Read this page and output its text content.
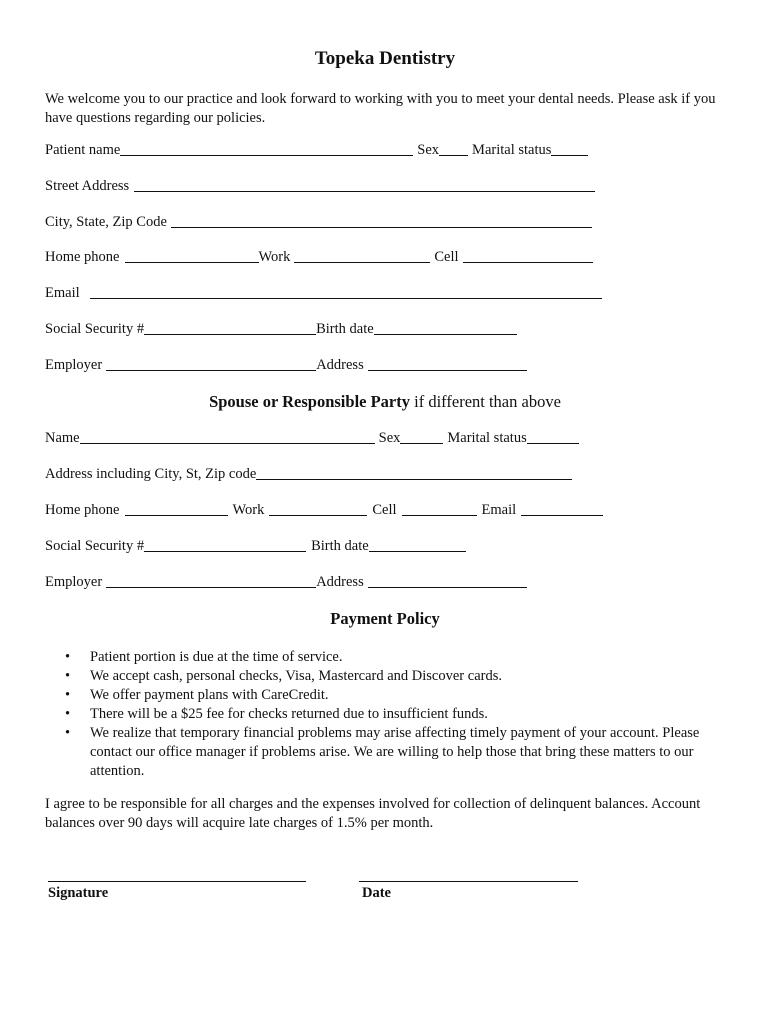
Topeka Dentistry
We welcome you to our practice and look forward to working with you to meet your dental needs. Please ask if you have questions regarding our policies.
Patient name	Sex Marital status
Street Address
City, State, Zip Code
Home phone	Work	Cell
Email
Social Security #	Birth date
Employer	Address
Spouse or Responsible Party if different than above
Name	Sex	Marital status
Address including City, St, Zip code
Home phone	Work	Cell	Email
Social Security #	Birth date
Employer	Address
Payment Policy
• Patient portion is due at the time of service.
• We accept cash, personal checks, Visa, Mastercard and Discover cards.
• We offer payment plans with CareCredit.
• There will be a $25 fee for checks returned due to insufficient funds.
• We realize that temporary financial problems may arise affecting timely payment of your account. Please contact our office manager if problems arise. We are willing to help those that bring these matters to our attention.
I agree to be responsible for all charges and the expenses involved for collection of delinquent balances. Account balances over 90 days will acquire late charges of 1.5% per month.
Signature	Date
